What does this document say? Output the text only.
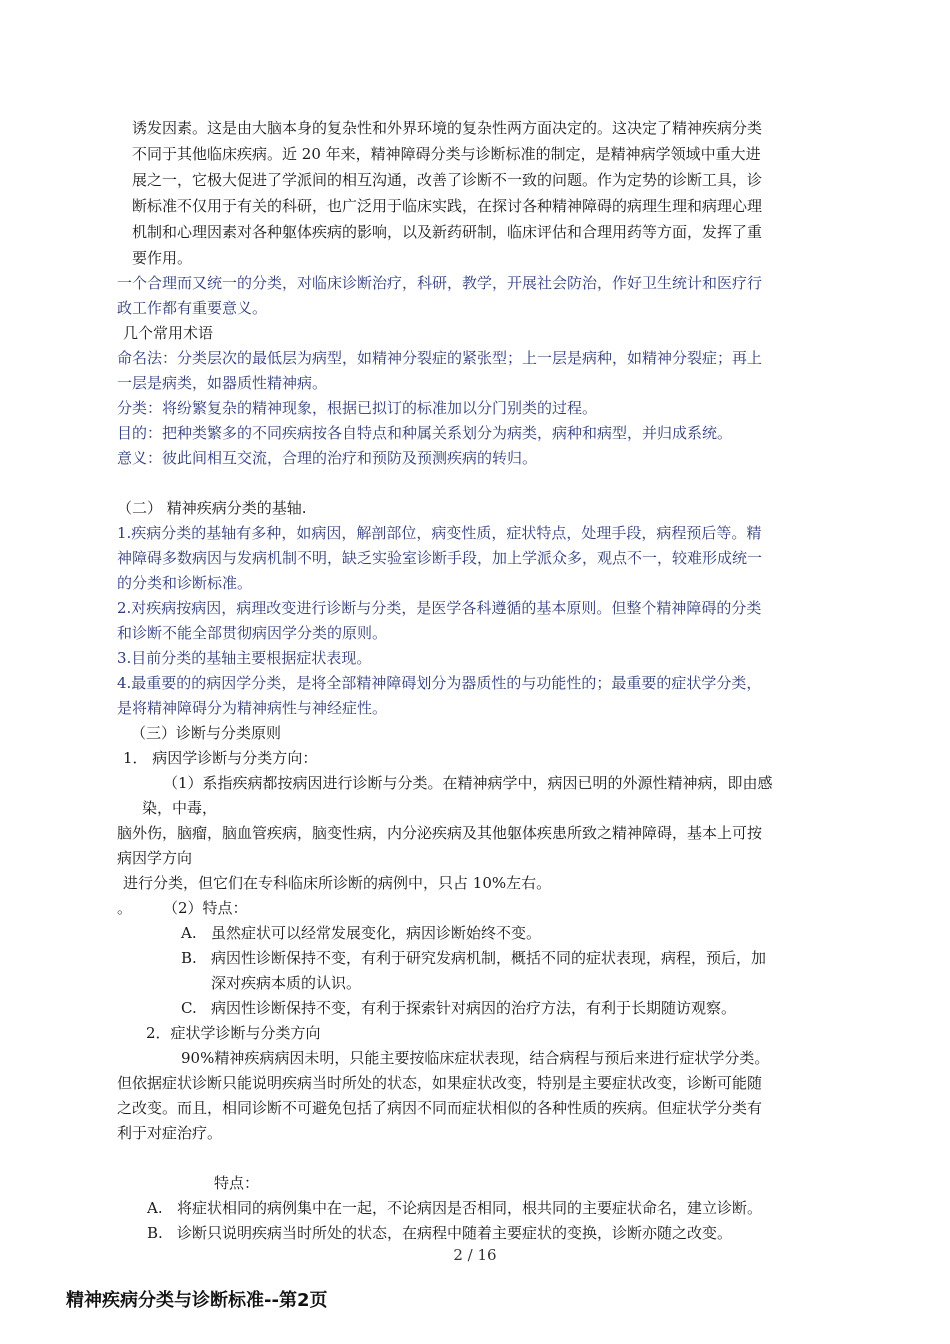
诱发因素。这是由大脑本身的复杂性和外界环境的复杂性两方面决定的。这决定了精神疾病分类
不同于其他临床疾病。近 20 年来，精神障碍分类与诊断标准的制定，是精神病学领域中重大进
展之一，它极大促进了学派间的相互沟通，改善了诊断不一致的问题。作为定势的诊断工具，诊
断标准不仅用于有关的科研，也广泛用于临床实践，在探讨各种精神障碍的病理生理和病理心理
机制和心理因素对各种躯体疾病的影响，以及新药研制，临床评估和合理用药等方面，发挥了重
要作用。
一个合理而又统一的分类，对临床诊断治疗，科研，教学，开展社会防治，作好卫生统计和医疗行
政工作都有重要意义。
几个常用术语
命名法：分类层次的最低层为病型，如精神分裂症的紧张型；上一层是病种，如精神分裂症；再上
一层是病类，如器质性精神病。
分类：将纷繁复杂的精神现象，根据已拟订的标准加以分门别类的过程。
目的：把种类繁多的不同疾病按各自特点和种属关系划分为病类，病种和病型，并归成系统。
意义：彼此间相互交流，合理的治疗和预防及预测疾病的转归。
（二） 精神疾病分类的基轴.
1.疾病分类的基轴有多种，如病因，解剖部位，病变性质，症状特点，处理手段，病程预后等。精
神障碍多数病因与发病机制不明，缺乏实验室诊断手段，加上学派众多，观点不一，较难形成统一
的分类和诊断标准。
2.对疾病按病因，病理改变进行诊断与分类，是医学各科遵循的基本原则。但整个精神障碍的分类
和诊断不能全部贯彻病因学分类的原则。
3.目前分类的基轴主要根据症状表现。
4.最重要的的病因学分类，是将全部精神障碍划分为器质性的与功能性的；最重要的症状学分类，
是将精神障碍分为精神病性与神经症性。
（三）诊断与分类原则
1． 病因学诊断与分类方向：
（1）系指疾病都按病因进行诊断与分类。在精神病学中，病因已明的外源性精神病，即由感
染，中毒，
脑外伤，脑瘤，脑血管疾病，脑变性病，内分泌疾病及其他躯体疾患所致之精神障碍，基本上可按
病因学方向
进行分类，但它们在专科临床所诊断的病例中，只占 10%左右。
。 （2）特点：
A. 虽然症状可以经常发展变化，病因诊断始终不变。
B. 病因性诊断保持不变，有利于研究发病机制，概括不同的症状表现，病程，预后，加
深对疾病本质的认识。
C. 病因性诊断保持不变，有利于探索针对病因的治疗方法，有利于长期随访观察。
2．症状学诊断与分类方向
90%精神疾病病因未明，只能主要按临床症状表现，结合病程与预后来进行症状学分类。
但依据症状诊断只能说明疾病当时所处的状态，如果症状改变，特别是主要症状改变，诊断可能随
之改变。而且，相同诊断不可避免包括了病因不同而症状相似的各种性质的疾病。但症状学分类有
利于对症治疗。
特点：
A. 将症状相同的病例集中在一起，不论病因是否相同，根共同的主要症状命名，建立诊断。
B. 诊断只说明疾病当时所处的状态，在病程中随着主要症状的变换，诊断亦随之改变。
2 / 16
精神疾病分类与诊断标准--第2页
